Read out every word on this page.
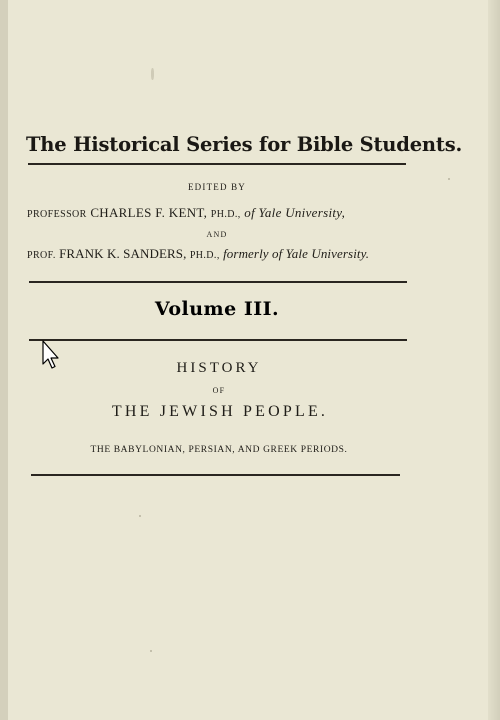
The Historical Series for Bible Students.
EDITED BY
PROFESSOR CHARLES F. KENT, PH.D., of Yale University,
AND
PROF. FRANK K. SANDERS, PH.D., formerly of Yale University.
Volume III.
HISTORY
OF
THE JEWISH PEOPLE.
THE BABYLONIAN, PERSIAN, AND GREEK PERIODS.
